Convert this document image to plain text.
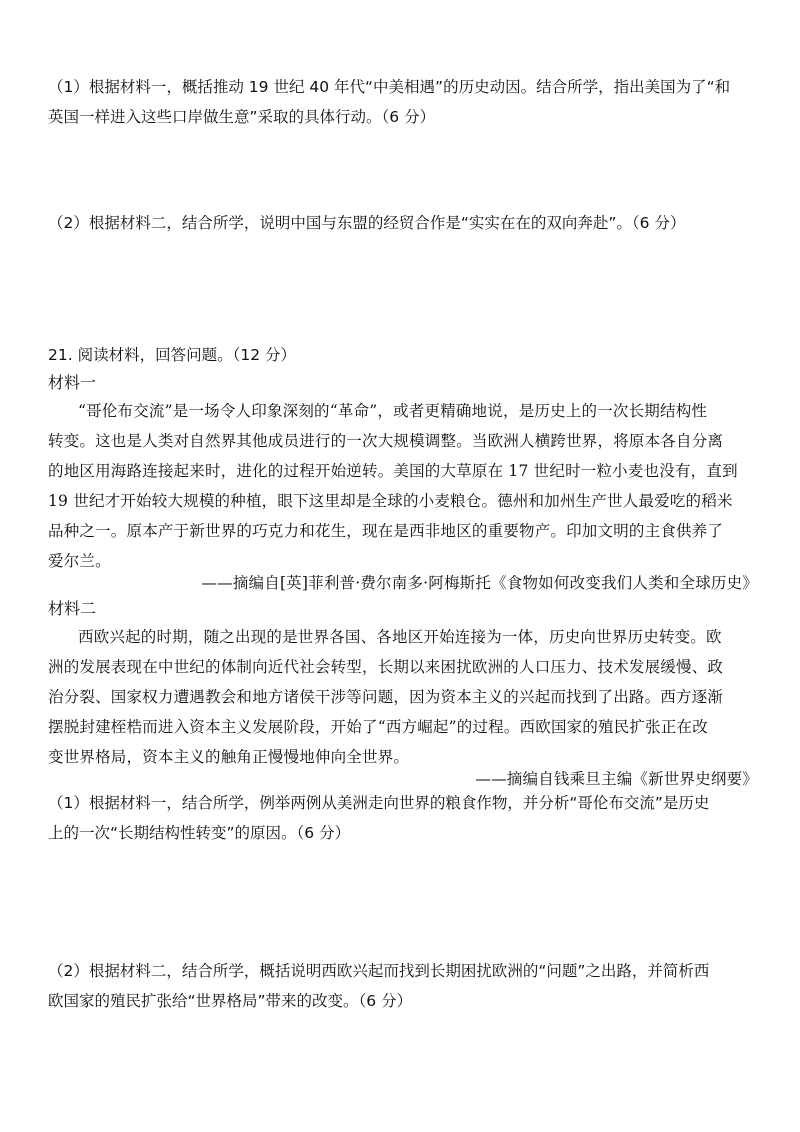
（1）根据材料一，概括推动 19 世纪 40 年代“中美相遇”的历史动因。结合所学，指出美国为了“和
英国一样进入这些口岸做生意”采取的具体行动。（6 分）
（2）根据材料二，结合所学，说明中国与东盟的经贸合作是“实实在在的双向奔赴”。（6 分）
21. 阅读材料，回答问题。（12 分）
材料一
“哥伦布交流”是一场令人印象深刻的“革命”，或者更精确地说，是历史上的一次长期结构性
转变。这也是人类对自然界其他成员进行的一次大规模调整。当欧洲人横跨世界，将原本各自分离
的地区用海路连接起来时，进化的过程开始逆转。美国的大草原在 17 世纪时一粒小麦也没有，直到
19 世纪才开始较大规模的种植，眼下这里却是全球的小麦粮仓。德州和加州生产世人最爱吃的稻米
品种之一。原本产于新世界的巧克力和花生，现在是西非地区的重要物产。印加文明的主食供养了
爱尔兰。
——摘编自[英]菲利普·费尔南多·阿梅斯托《食物如何改变我们人类和全球历史》
材料二
西欧兴起的时期，随之出现的是世界各国、各地区开始连接为一体，历史向世界历史转变。欧
洲的发展表现在中世纪的体制向近代社会转型，长期以来困扰欧洲的人口压力、技术发展缓慢、政
治分裂、国家权力遭遇教会和地方诸侯干涉等问题，因为资本主义的兴起而找到了出路。西方逐渐
摆脱封建桎梏而进入资本主义发展阶段，开始了“西方崛起”的过程。西欧国家的殖民扩张正在改
变世界格局，资本主义的触角正慢慢地伸向全世界。
——摘编自钱乘旦主编《新世界史纲要》
（1）根据材料一，结合所学，例举两例从美洲走向世界的粮食作物，并分析“哥伦布交流”是历史
上的一次“长期结构性转变”的原因。（6 分）
（2）根据材料二，结合所学，概括说明西欧兴起而找到长期困扰欧洲的“问题”之出路，并简析西
欧国家的殖民扩张给“世界格局”带来的改变。（6 分）
